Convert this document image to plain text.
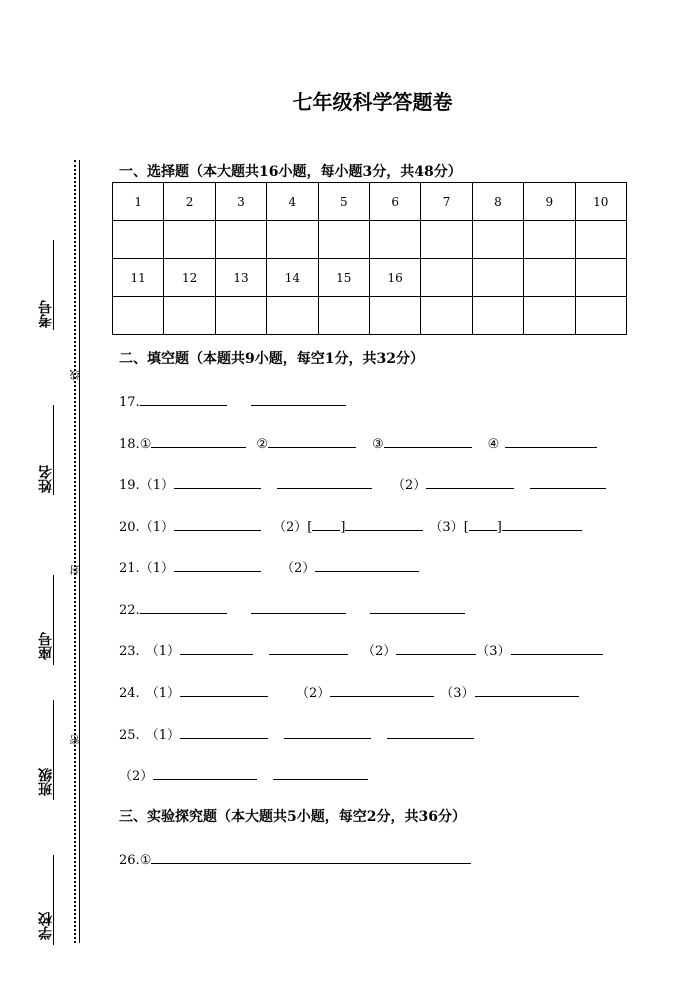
考号
姓名
座号
班级
学校
线
封
密
七年级科学答题卷
一、选择题（本大题共16小题，每小题3分，共48分）
1	2	3	4	5	6	7	8	9	10

11	12	13	14	15	16				

二、填空题（本题共9小题，每空1分，共32分）
17.
18.①	②	③	④
19.（1）	（2）
20.（1）	（2）[ ]	（3）[ ]
21.（1）	（2）
22.
23. （1）	（2）	（3）
24. （1）	（2）	（3）
25. （1）
（2）
三、实验探究题（本大题共5小题，每空2分，共36分）
26.①
